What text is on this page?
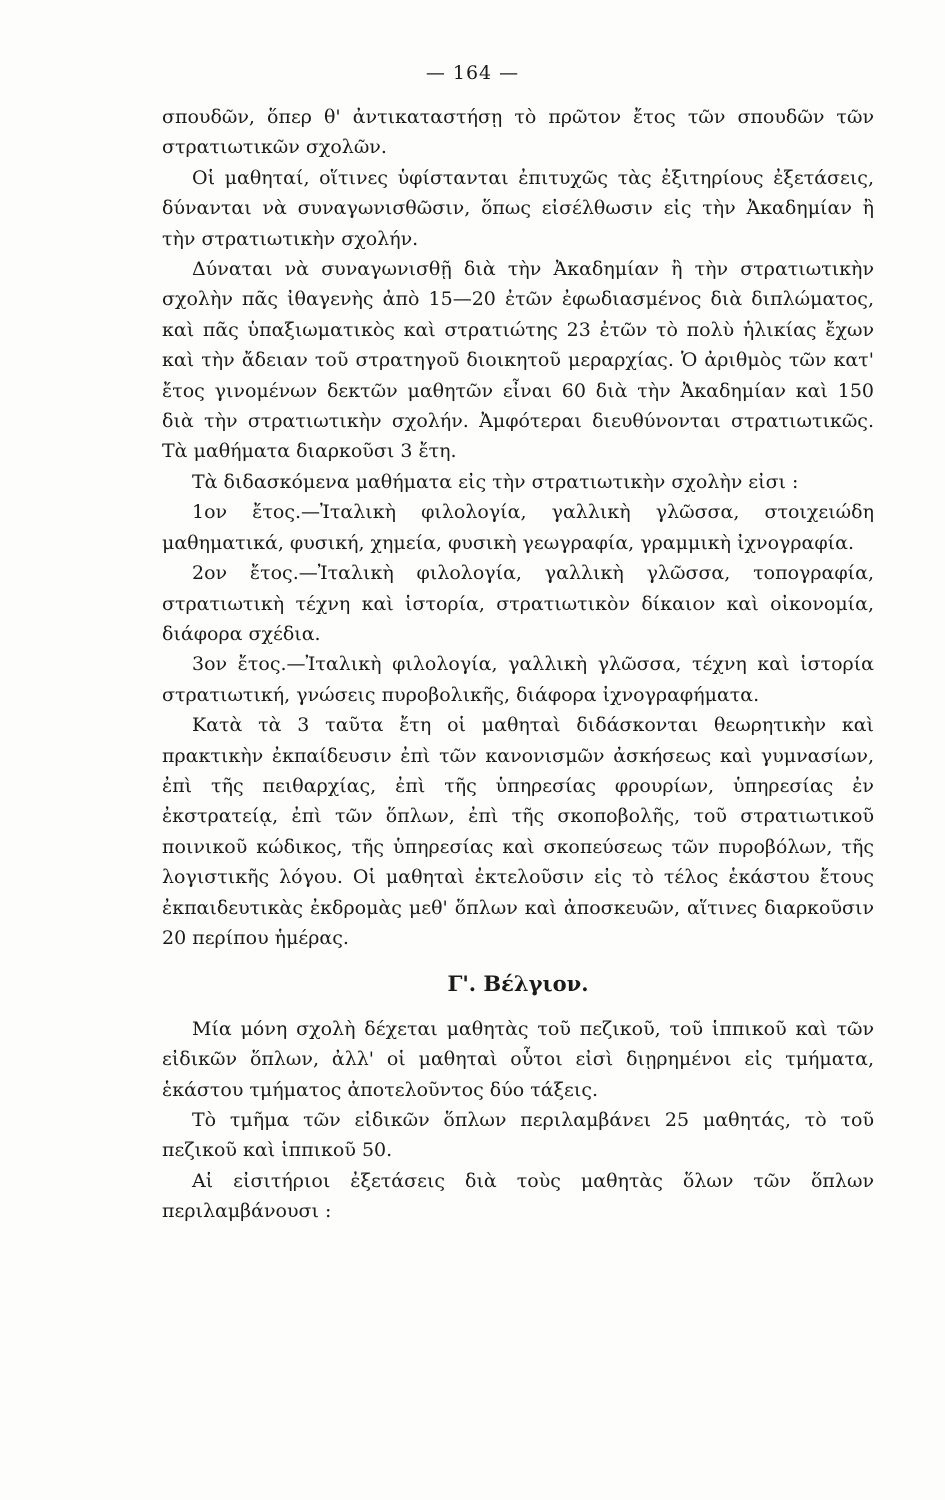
— 164 —

σπουδῶν, ὅπερ θ' ἀντικαταστήσῃ τὸ πρῶτον ἔτος τῶν σπουδῶν τῶν στρατιωτικῶν σχολῶν.

Οἱ μαθηταί, οἵτινες ὑφίστανται ἐπιτυχῶς τὰς ἐξιτηρίους ἐξετάσεις, δύνανται νὰ συναγωνισθῶσιν, ὅπως εἰσέλθωσιν εἰς τὴν Ἀκαδημίαν ἢ τὴν στρατιωτικὴν σχολήν.

Δύναται νὰ συναγωνισθῇ διὰ τὴν Ἀκαδημίαν ἢ τὴν στρατιωτικὴν σχολὴν πᾶς ἰθαγενὴς ἀπὸ 15—20 ἐτῶν ἐφωδιασμένος διὰ διπλώματος, καὶ πᾶς ὑπαξιωματικὸς καὶ στρατιώτης 23 ἐτῶν τὸ πολὺ ἡλικίας ἔχων καὶ τὴν ἄδειαν τοῦ στρατηγοῦ διοικητοῦ μεραρχίας. Ὁ ἀριθμὸς τῶν κατ' ἔτος γινομένων δεκτῶν μαθητῶν εἶναι 60 διὰ τὴν Ἀκαδημίαν καὶ 150 διὰ τὴν στρατιωτικὴν σχολήν. Ἀμφότεραι διευθύνονται στρατιωτικῶς. Τὰ μαθήματα διαρκοῦσι 3 ἔτη.

Τὰ διδασκόμενα μαθήματα εἰς τὴν στρατιωτικὴν σχολὴν εἰσι :

1ον ἔτος.—Ἰταλικὴ φιλολογία, γαλλικὴ γλῶσσα, στοιχειώδη μαθηματικά, φυσική, χημεία, φυσικὴ γεωγραφία, γραμμικὴ ἰχνογραφία.

2ον ἔτος.—Ἰταλικὴ φιλολογία, γαλλικὴ γλῶσσα, τοπογραφία, στρατιωτικὴ τέχνη καὶ ἱστορία, στρατιωτικὸν δίκαιον καὶ οἰκονομία, διάφορα σχέδια.

3ον ἔτος.—Ἰταλικὴ φιλολογία, γαλλικὴ γλῶσσα, τέχνη καὶ ἱστορία στρατιωτική, γνώσεις πυροβολικῆς, διάφορα ἰχνογραφήματα.

Κατὰ τὰ 3 ταῦτα ἔτη οἱ μαθηταὶ διδάσκονται θεωρητικὴν καὶ πρακτικὴν ἐκπαίδευσιν ἐπὶ τῶν κανονισμῶν ἀσκήσεως καὶ γυμνασίων, ἐπὶ τῆς πειθαρχίας, ἐπὶ τῆς ὑπηρεσίας φρουρίων, ὑπηρεσίας ἐν ἐκστρατείᾳ, ἐπὶ τῶν ὅπλων, ἐπὶ τῆς σκοποβολῆς, τοῦ στρατιωτικοῦ ποινικοῦ κώδικος, τῆς ὑπηρεσίας καὶ σκοπεύσεως τῶν πυροβόλων, τῆς λογιστικῆς λόγου. Οἱ μαθηταὶ ἐκτελοῦσιν εἰς τὸ τέλος ἑκάστου ἔτους ἐκπαιδευτικὰς ἐκδρομὰς μεθ' ὅπλων καὶ ἀποσκευῶν, αἵτινες διαρκοῦσιν 20 περίπου ἡμέρας.

Γ'. Βέλγιον.

Μία μόνη σχολὴ δέχεται μαθητὰς τοῦ πεζικοῦ, τοῦ ἱππικοῦ καὶ τῶν εἰδικῶν ὅπλων, ἀλλ' οἱ μαθηταὶ οὗτοι εἰσὶ διῃρημένοι εἰς τμήματα, ἑκάστου τμήματος ἀποτελοῦντος δύο τάξεις.

Τὸ τμῆμα τῶν εἰδικῶν ὅπλων περιλαμβάνει 25 μαθητάς, τὸ τοῦ πεζικοῦ καὶ ἱππικοῦ 50.

Αἱ εἰσιτήριοι ἐξετάσεις διὰ τοὺς μαθητὰς ὅλων τῶν ὅπλων περιλαμβάνουσι :
